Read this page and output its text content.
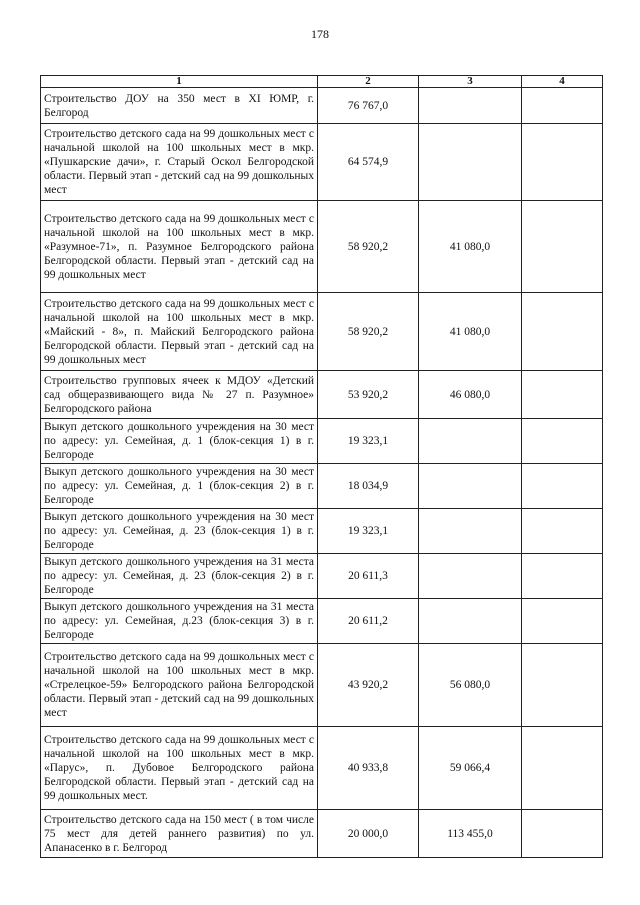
178
1	2	3	4
Строительство ДОУ на 350 мест в XI ЮМР, г. Белгород	76 767,0		
Строительство детского сада на 99 дошкольных мест с начальной школой на 100 школьных мест в мкр. «Пушкарские дачи», г. Старый Оскол Белгородской области. Первый этап - детский сад на 99 дошкольных мест	64 574,9		
Строительство детского сада на 99 дошкольных мест с начальной школой на 100 школьных мест в мкр. «Разумное-71», п. Разумное Белгородского района Белгородской области. Первый этап - детский сад на 99 дошкольных мест	58 920,2	41 080,0	
Строительство детского сада на 99 дошкольных мест с начальной школой на 100 школьных мест в мкр. «Майский - 8», п. Майский Белгородского района Белгородской области. Первый этап - детский сад на 99 дошкольных мест	58 920,2	41 080,0	
Строительство групповых ячеек к МДОУ «Детский сад общеразвивающего вида № 27 п. Разумное» Белгородского района	53 920,2	46 080,0	
Выкуп детского дошкольного учреждения на 30 мест по адресу: ул. Семейная, д. 1 (блок-секция 1) в г. Белгороде	19 323,1		
Выкуп детского дошкольного учреждения на 30 мест по адресу: ул. Семейная, д. 1 (блок-секция 2) в г. Белгороде	18 034,9		
Выкуп детского дошкольного учреждения на 30 мест по адресу: ул. Семейная, д. 23 (блок-секция 1) в г. Белгороде	19 323,1		
Выкуп детского дошкольного учреждения на 31 места по адресу: ул. Семейная, д. 23 (блок-секция 2) в г. Белгороде	20 611,3		
Выкуп детского дошкольного учреждения на 31 места по адресу: ул. Семейная, д.23 (блок-секция 3) в г. Белгороде	20 611,2		
Строительство детского сада на 99 дошкольных мест с начальной школой на 100 школьных мест в мкр. «Стрелецкое-59» Белгородского района Белгородской области. Первый этап - детский сад на 99 дошкольных мест	43 920,2	56 080,0	
Строительство детского сада на 99 дошкольных мест с начальной школой на 100 школьных мест в мкр. «Парус», п. Дубовое Белгородского района Белгородской области. Первый этап - детский сад на 99 дошкольных мест.	40 933,8	59 066,4	
Строительство детского сада на 150 мест ( в том числе 75 мест для детей раннего развития) по ул. Апанасенко в г. Белгород	20 000,0	113 455,0	
